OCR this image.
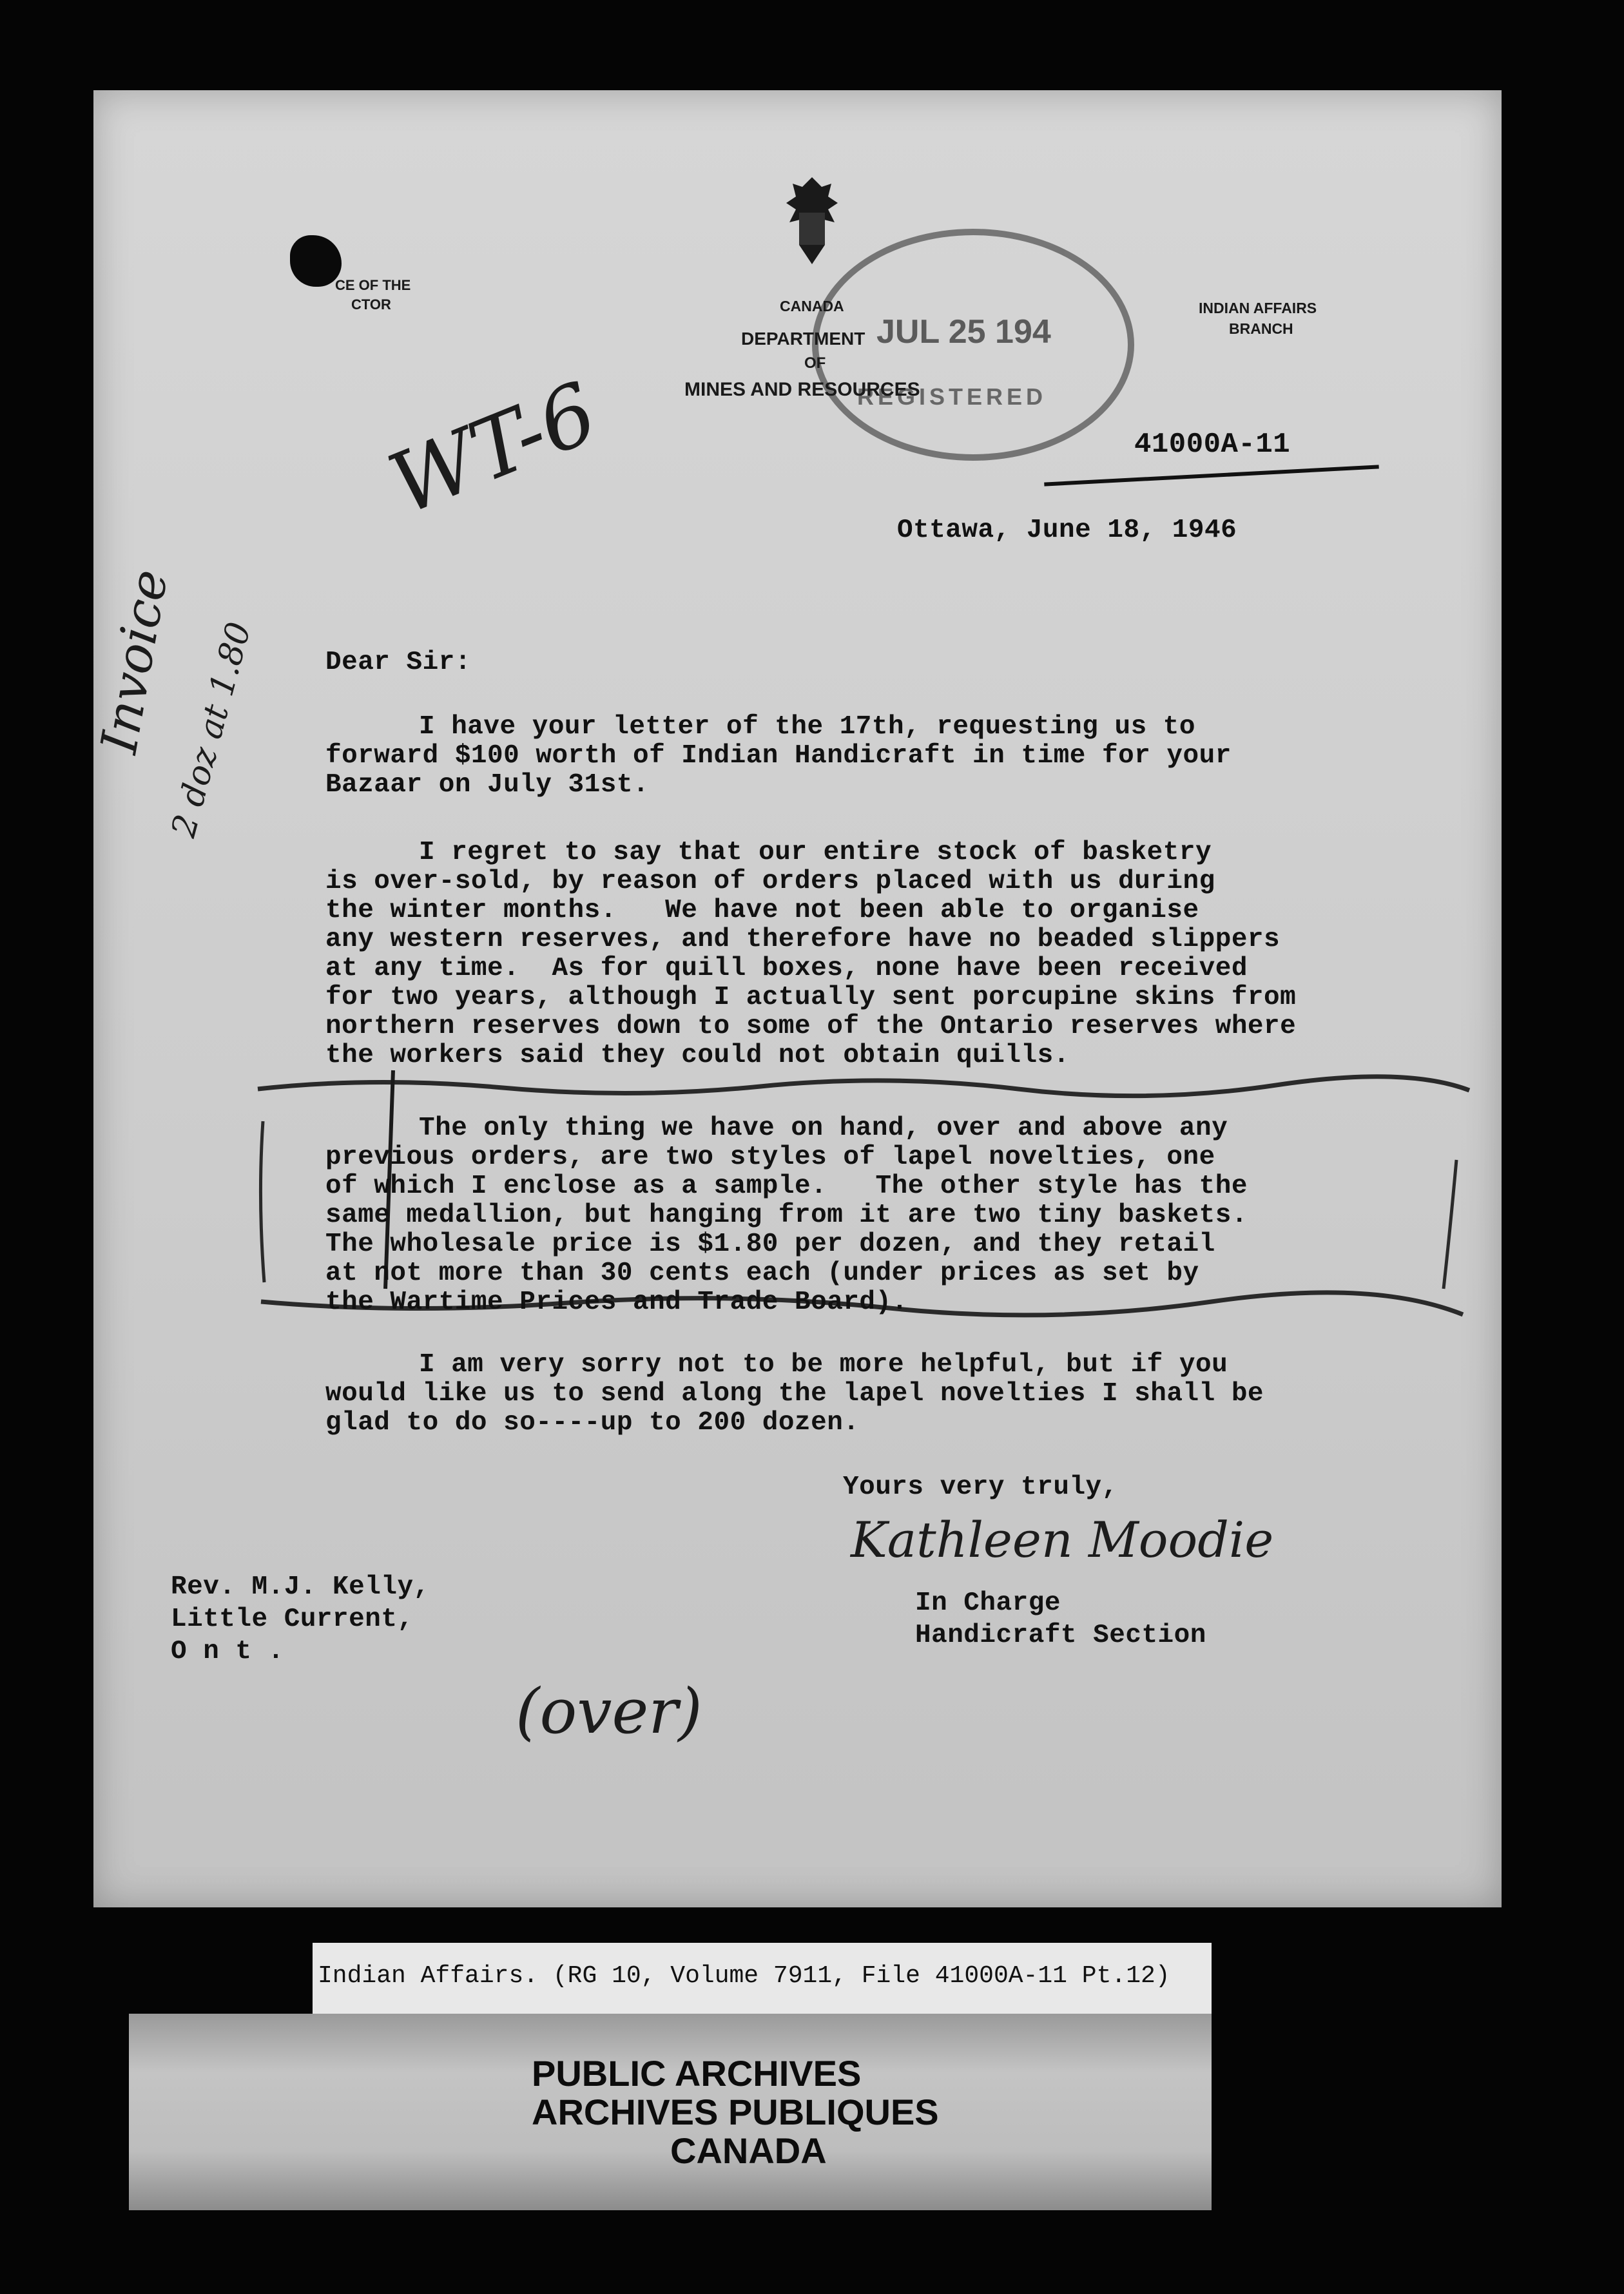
JUL 25 194
REGISTERED
CE OF THE
CTOR	CANADA
DEPARTMENT
OF
MINES AND RESOURCES
INDIAN AFFAIRS
BRANCH
41000A-11
WT-6	Ottawa, June 18, 1946
Invoice
2 doz at 1.80	Dear Sir:
I have your letter of the 17th, requesting us to
forward $100 worth of Indian Handicraft in time for your
Bazaar on July 31st.
I regret to say that our entire stock of basketry
is over-sold, by reason of orders placed with us during
the winter months.   We have not been able to organise
any western reserves, and therefore have no beaded slippers
at any time.  As for quill boxes, none have been received
for two years, although I actually sent porcupine skins from
northern reserves down to some of the Ontario reserves where
the workers said they could not obtain quills.
The only thing we have on hand, over and above any
previous orders, are two styles of lapel novelties, one
of which I enclose as a sample.   The other style has the
same medallion, but hanging from it are two tiny baskets.
The wholesale price is $1.80 per dozen, and they retail
at not more than 30 cents each (under prices as set by
the Wartime Prices and Trade Board).
I am very sorry not to be more helpful, but if you
would like us to send along the lapel novelties I shall be
glad to do so----up to 200 dozen.
Yours very truly,
Kathleen Moodie
In Charge
Handicraft Section
Rev. M.J. Kelly,
Little Current,
O n t .
(over)
Indian Affairs. (RG 10, Volume 7911, File 41000A-11 Pt.12)
PUBLIC ARCHIVES
ARCHIVES PUBLIQUES
CANADA
